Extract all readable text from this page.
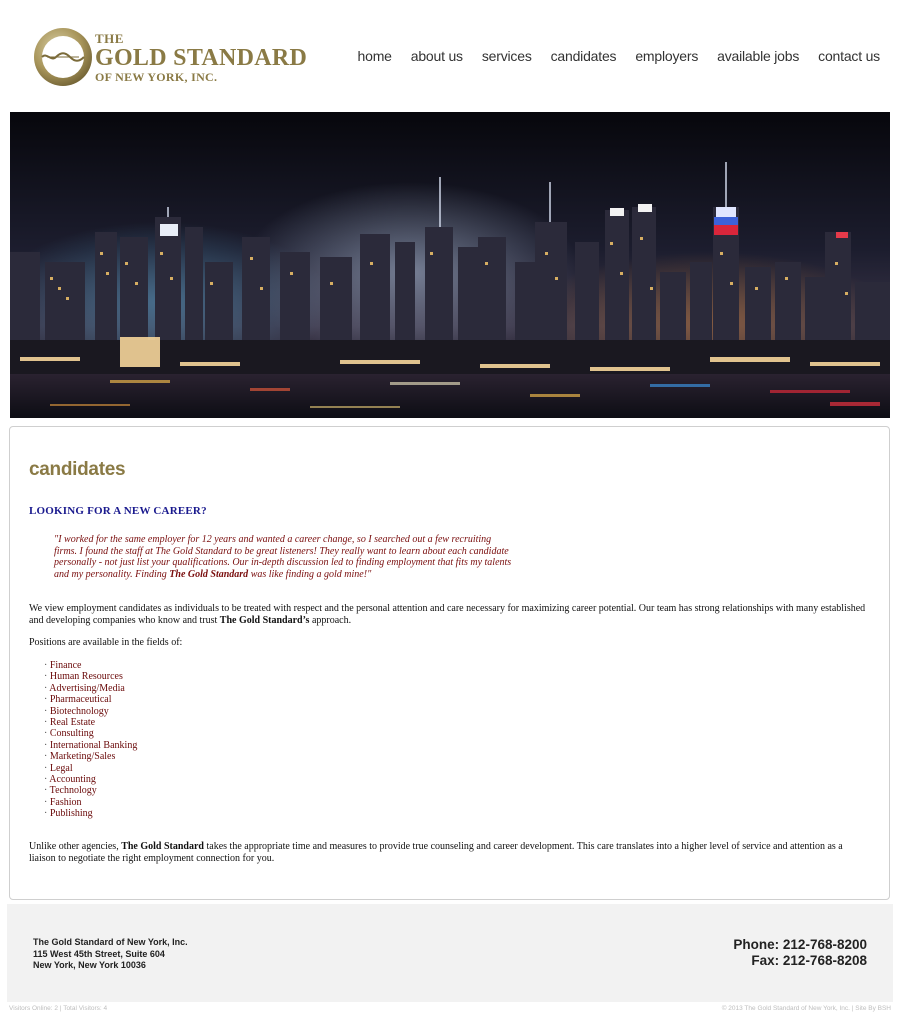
THE
GOLD STANDARD
OF NEW YORK, INC.
home about us services candidates employers available jobs contact us
candidates
LOOKING FOR A NEW CAREER?
"I worked for the same employer for 12 years and wanted a career change, so I searched out a few recruiting firms. I found the staff at The Gold Standard to be great listeners! They really want to learn about each candidate personally - not just list your qualifications. Our in-depth discussion led to finding employment that fits my talents and my personality. Finding The Gold Standard was like finding a gold mine!"
We view employment candidates as individuals to be treated with respect and the personal attention and care necessary for maximizing career potential. Our team has strong relationships with many established and developing companies who know and trust The Gold Standard’s approach.
Positions are available in the fields of:
· Finance
· Human Resources
· Advertising/Media
· Pharmaceutical
· Biotechnology
· Real Estate
· Consulting
· International Banking
· Marketing/Sales
· Legal
· Accounting
· Technology
· Fashion
· Publishing
Unlike other agencies, The Gold Standard takes the appropriate time and measures to provide true counseling and career development. This care translates into a higher level of service and attention as a liaison to negotiate the right employment connection for you.
The Gold Standard of New York, Inc.
115 West 45th Street, Suite 604
New York, New York 10036
Phone: 212-768-8200
Fax: 212-768-8208
Visitors Online: 2 | Total Visitors: 4	© 2013 The Gold Standard of New York, Inc. | Site By BSH
